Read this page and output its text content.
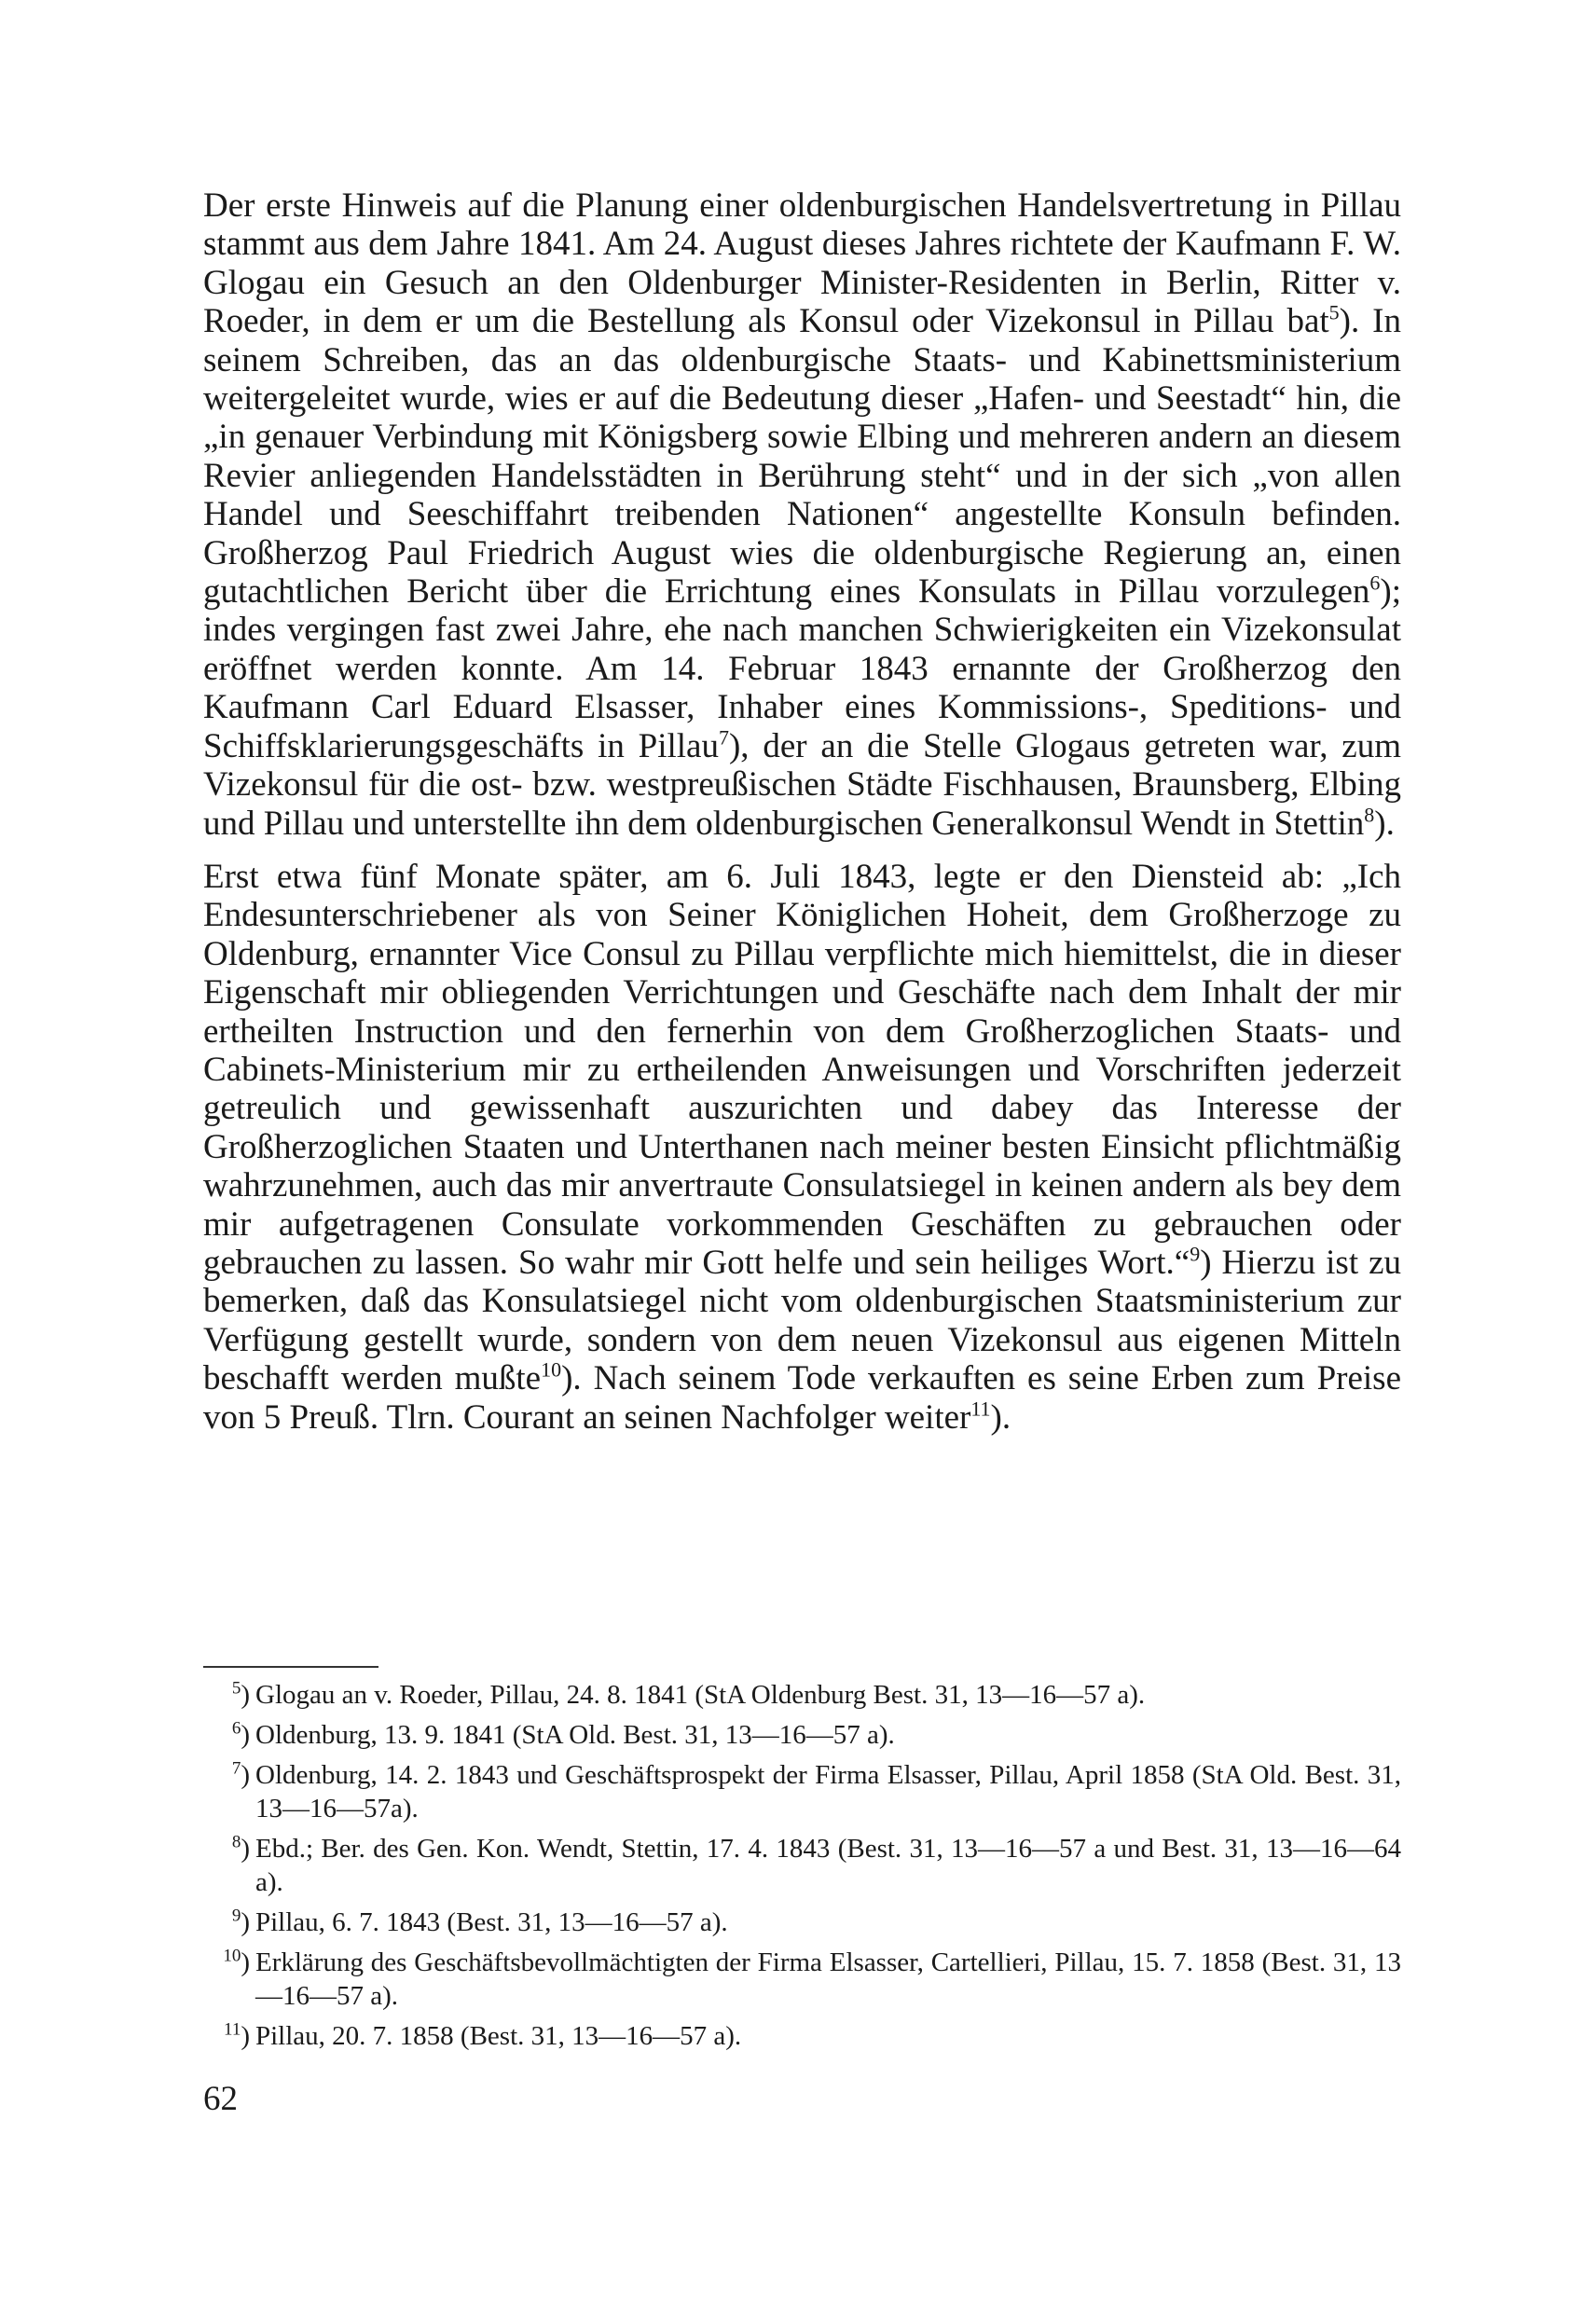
Der erste Hinweis auf die Planung einer oldenburgischen Handelsvertretung in Pillau stammt aus dem Jahre 1841. Am 24. August dieses Jahres richtete der Kaufmann F. W. Glogau ein Gesuch an den Oldenburger Minister-Residenten in Berlin, Ritter v. Roeder, in dem er um die Bestellung als Konsul oder Vizekonsul in Pillau bat$^5$). In seinem Schreiben, das an das oldenburgische Staats- und Kabinettsministerium weitergeleitet wurde, wies er auf die Bedeutung dieser „Hafen- und Seestadt“ hin, die „in genauer Verbindung mit Königsberg sowie Elbing und mehreren andern an diesem Revier anliegenden Handelsstädten in Berührung steht“ und in der sich „von allen Handel und Seeschiffahrt treibenden Nationen“ angestellte Konsuln befinden. Großherzog Paul Friedrich August wies die oldenburgische Regierung an, einen gutachtlichen Bericht über die Errichtung eines Konsulats in Pillau vorzulegen$^6$); indes vergingen fast zwei Jahre, ehe nach manchen Schwierigkeiten ein Vizekonsulat eröffnet werden konnte. Am 14. Februar 1843 ernannte der Großherzog den Kaufmann Carl Eduard Elsasser, Inhaber eines Kommissions-, Speditions- und Schiffsklarierungsgeschäfts in Pillau$^7$), der an die Stelle Glogaus getreten war, zum Vizekonsul für die ost- bzw. westpreußischen Städte Fischhausen, Braunsberg, Elbing und Pillau und unterstellte ihn dem oldenburgischen Generalkonsul Wendt in Stettin$^8$).

Erst etwa fünf Monate später, am 6. Juli 1843, legte er den Diensteid ab: „Ich Endesunterschriebener als von Seiner Königlichen Hoheit, dem Großherzoge zu Oldenburg, ernannter Vice Consul zu Pillau verpflichte mich hiemittelst, die in dieser Eigenschaft mir obliegenden Verrichtungen und Geschäfte nach dem Inhalt der mir ertheilten Instruction und den fernerhin von dem Großherzoglichen Staats- und Cabinets-Ministerium mir zu ertheilenden Anweisungen und Vorschriften jederzeit getreulich und gewissenhaft auszurichten und dabey das Interesse der Großherzoglichen Staaten und Unterthanen nach meiner besten Einsicht pflichtmäßig wahrzunehmen, auch das mir anvertraute Consulatsiegel in keinen andern als bey dem mir aufgetragenen Consulate vorkommenden Geschäften zu gebrauchen oder gebrauchen zu lassen. So wahr mir Gott helfe und sein heiliges Wort.“$^9$) Hierzu ist zu bemerken, daß das Konsulatsiegel nicht vom oldenburgischen Staatsministerium zur Verfügung gestellt wurde, sondern von dem neuen Vizekonsul aus eigenen Mitteln beschafft werden mußte$^{10}$). Nach seinem Tode verkauften es seine Erben zum Preise von 5 Preuß. Tlrn. Courant an seinen Nachfolger weiter$^{11}$).

$^5$) Glogau an v. Roeder, Pillau, 24. 8. 1841 (StA Oldenburg Best. 31, 13—16—57 a).
$^6$) Oldenburg, 13. 9. 1841 (StA Old. Best. 31, 13—16—57 a).
$^7$) Oldenburg, 14. 2. 1843 und Geschäftsprospekt der Firma Elsasser, Pillau, April 1858 (StA Old. Best. 31, 13—16—57a).
$^8$) Ebd.; Ber. des Gen. Kon. Wendt, Stettin, 17. 4. 1843 (Best. 31, 13—16—57 a und Best. 31, 13—16—64 a).
$^9$) Pillau, 6. 7. 1843 (Best. 31, 13—16—57 a).
$^{10}$) Erklärung des Geschäftsbevollmächtigten der Firma Elsasser, Cartellieri, Pillau, 15. 7. 1858 (Best. 31, 13—16—57 a).
$^{11}$) Pillau, 20. 7. 1858 (Best. 31, 13—16—57 a).
62
